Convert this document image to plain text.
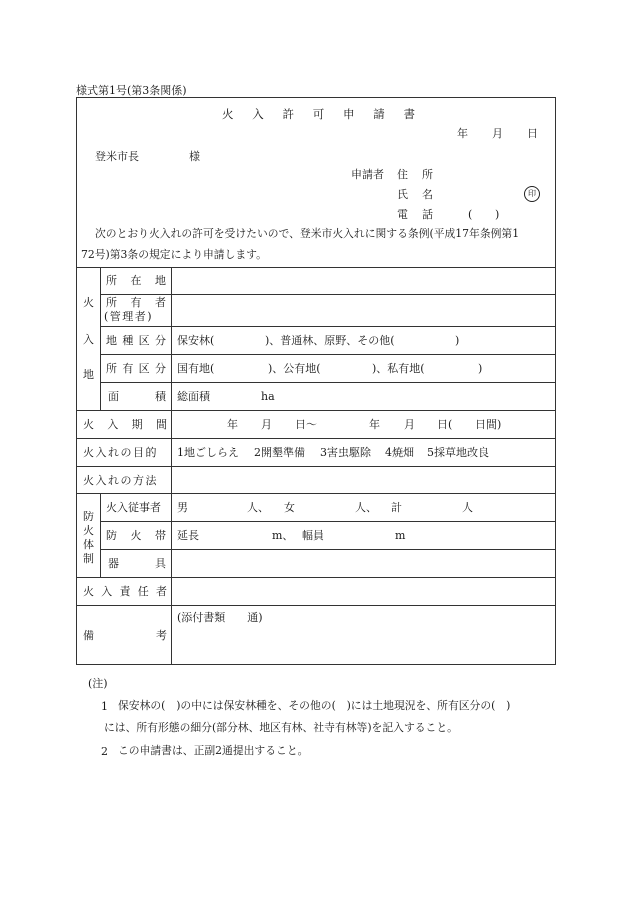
様式第1号(第3条関係)
火 入 許 可 申 請 書
年 月 日
登米市長	様
申請者 住 所
氏 名	印
電 話	( )
次のとおり火入れの許可を受けたいので、登米市火入れに関する条例(平成17年条例第1
72号)第3条の規定により申請します。
火
入
地
所 在 地
所 有 者
(管理者)
地 種 区 分 保安林(	)、普通林、原野、その他(	)
所 有 区 分 国有地(	)、公有地(	)、私有地(	)
面	積 総面積	ha
火 入 期 間	年 月 日〜	年 月 日( 日間)
火入れの目的 1地ごしらえ 2開墾準備 3害虫駆除 4焼畑 5採草地改良
火入れの方法
防
火
体
制
火入従事者 男	人、 女	人、 計	人
防 火 帯 延長	m、 幅員	m
器	具
火 入 責 任 者
備	考
(添付書類　　通)
(注)
1 保安林の(　)の中には保安林種を、その他の(　)には土地現況を、所有区分の(　)
には、所有形態の細分(部分林、地区有林、社寺有林等)を記入すること。
2 この申請書は、正副2通提出すること。
